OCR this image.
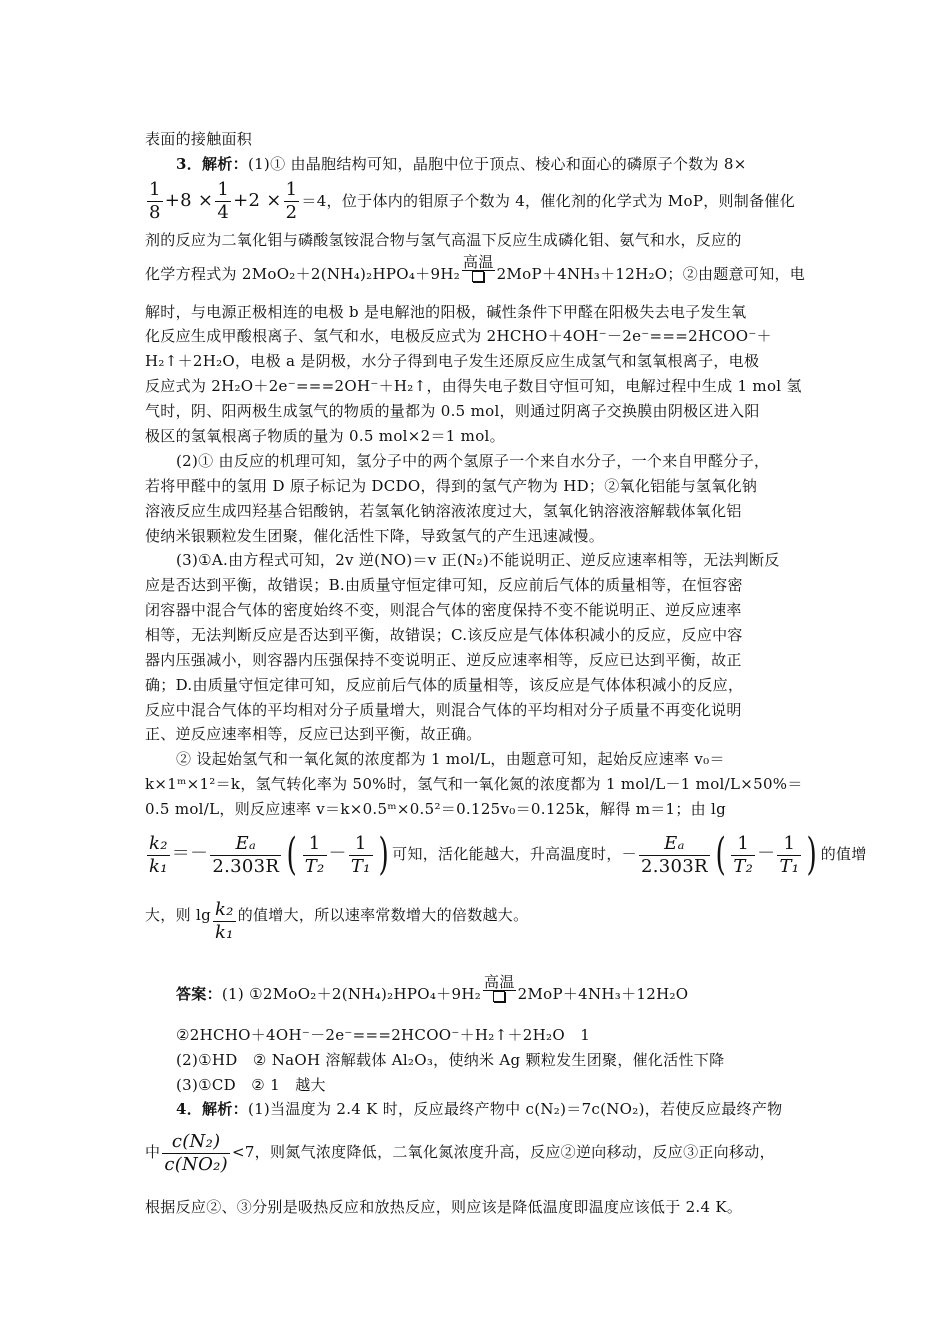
表面的接触面积
3．解析：(1)① 由晶胞结构可知，晶胞中位于顶点、棱心和面心的磷原子个数为 8×
$\frac{1}{8} +8 \times \frac{1}{4} +2 \times \frac{1}{2} =4$，位于体内的钼原子个数为 4，催化剂的化学式为 MoP，则制备催化
剂的反应为二氧化钼与磷酸氢铵混合物与氢气高温下反应生成磷化钼、氨气和水，反应的
化学方程式为 2MoO₂＋2(NH₄)₂HPO₄＋9H₂
高温
2MoP＋4NH₃＋12H₂O；②由题意可知，电
解时，与电源正极相连的电极 b 是电解池的阳极，碱性条件下甲醛在阳极失去电子发生氧
化反应生成甲酸根离子、氢气和水，电极反应式为 2HCHO＋4OH⁻－2e⁻===2HCOO⁻＋
H₂↑＋2H₂O，电极 a 是阴极，水分子得到电子发生还原反应生成氢气和氢氧根离子，电极
反应式为 2H₂O＋2e⁻===2OH⁻＋H₂↑，由得失电子数目守恒可知，电解过程中生成 1 mol 氢
气时，阴、阳两极生成氢气的物质的量都为 0.5 mol，则通过阴离子交换膜由阴极区进入阳
极区的氢氧根离子物质的量为 0.5 mol×2＝1 mol。
(2)① 由反应的机理可知，氢分子中的两个氢原子一个来自水分子，一个来自甲醛分子，
若将甲醛中的氢用 D 原子标记为 DCDO，得到的氢气产物为 HD；②氧化铝能与氢氧化钠
溶液反应生成四羟基合铝酸钠，若氢氧化钠溶液浓度过大，氢氧化钠溶液溶解载体氧化铝
使纳米银颗粒发生团聚，催化活性下降，导致氢气的产生迅速减慢。
(3)①A.由方程式可知，2v 逆(NO)＝v 正(N₂)不能说明正、逆反应速率相等，无法判断反
应是否达到平衡，故错误；B.由质量守恒定律可知，反应前后气体的质量相等，在恒容密
闭容器中混合气体的密度始终不变，则混合气体的密度保持不变不能说明正、逆反应速率
相等，无法判断反应是否达到平衡，故错误；C.该反应是气体体积减小的反应，反应中容
器内压强减小，则容器内压强保持不变说明正、逆反应速率相等，反应已达到平衡，故正
确；D.由质量守恒定律可知，反应前后气体的质量相等，该反应是气体体积减小的反应，
反应中混合气体的平均相对分子质量增大，则混合气体的平均相对分子质量不再变化说明
正、逆反应速率相等，反应已达到平衡，故正确。
② 设起始氢气和一氧化氮的浓度都为 1 mol/L，由题意可知，起始反应速率 v₀＝
k×1ᵐ×1²＝k，氢气转化率为 50%时，氢气和一氧化氮的浓度都为 1 mol/L－1 mol/L×50%＝
0.5 mol/L，则反应速率 v＝k×0.5ᵐ×0.5²＝0.125v₀＝0.125k，解得 m＝1；由 lg
$\frac{\text{k₂}}{\text{k₁}} =- \frac{\text{Eₐ}}{2.303R}$ ( $\frac{1}{\text{T₂}} - \frac{1}{\text{T₁}}$ ) 可知，活化能越大，升高温度时，－ $\frac{\text{Eₐ}}{2.303R}$ ( $\frac{1}{\text{T₂}} - \frac{1}{\text{T₁}}$ ) 的值增
大，则 $\lg \frac{\text{k₂}}{\text{k₁}}$ 的值增大，所以速率常数增大的倍数越大。
答案：(1) ①2MoO₂＋2(NH₄)₂HPO₄＋9H₂
高温
2MoP＋4NH₃＋12H₂O
②2HCHO＋4OH⁻－2e⁻===2HCOO⁻＋H₂↑＋2H₂O　1
(2)①HD　② NaOH 溶解载体 Al₂O₃，使纳米 Ag 颗粒发生团聚，催化活性下降
(3)①CD　② 1　越大
4．解析：(1)当温度为 2.4 K 时，反应最终产物中 c(N₂)＝7c(NO₂)，若使反应最终产物
中 $\frac{\text{c(N₂)}}{\text{c(NO₂)}} <7$，则氮气浓度降低，二氧化氮浓度升高，反应②逆向移动，反应③正向移动，
根据反应②、③分别是吸热反应和放热反应，则应该是降低温度即温度应该低于 2.4 K。
